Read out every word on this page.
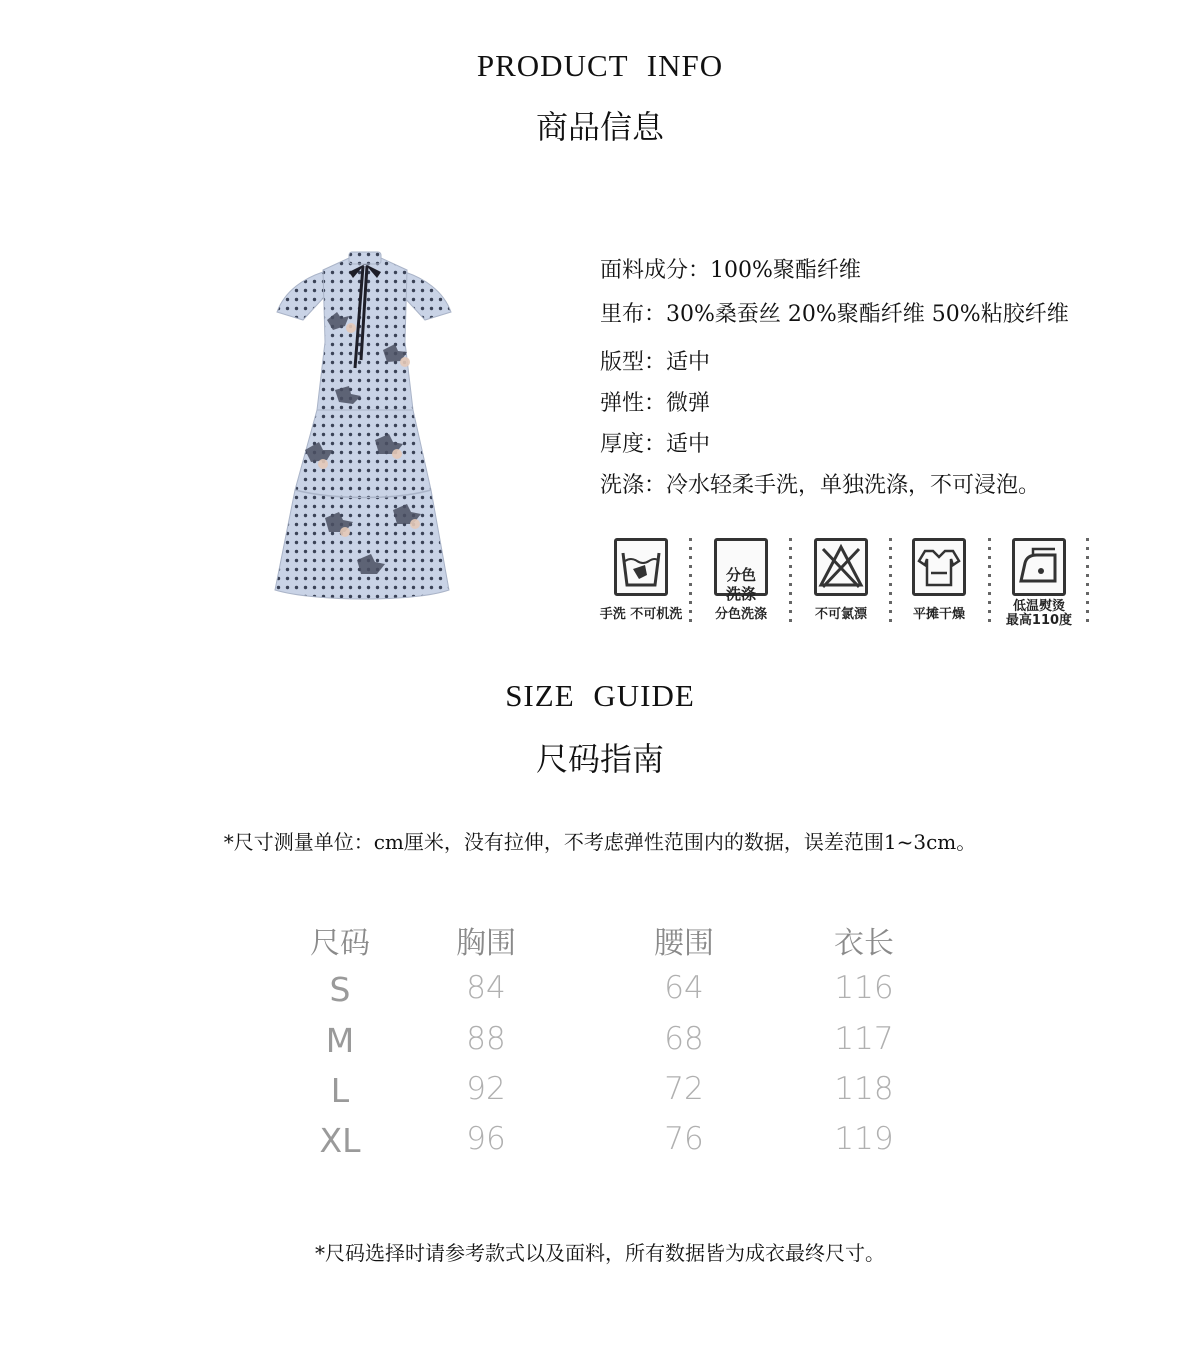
PRODUCT INFO
商品信息
面料成分：100%聚酯纤维
里布：30%桑蚕丝 20%聚酯纤维 50%粘胶纤维
版型：适中
弹性：微弹
厚度：适中
洗涤：冷水轻柔手洗，单独洗涤，不可浸泡。
手洗 不可机洗

分色
洗涤

分色洗涤	不可氯漂	平摊干燥
低温熨烫
最高110度
SIZE GUIDE
尺码指南
*尺寸测量单位：cm厘米，没有拉伸，不考虑弹性范围内的数据，误差范围1~3cm。
尺码	胸围	腰围	衣长
S	84	64	116
M	88	68	117
L	92	72	118
XL	96	76	119
*尺码选择时请参考款式以及面料，所有数据皆为成衣最终尺寸。
